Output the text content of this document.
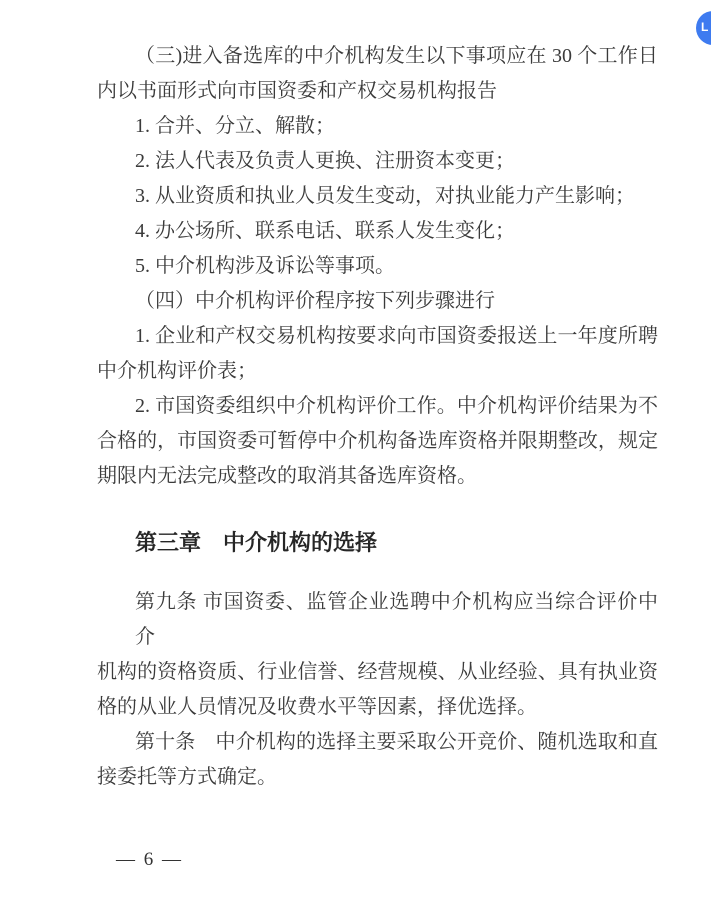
（三)进入备选库的中介机构发生以下事项应在 30 个工作日
内以书面形式向市国资委和产权交易机构报告
1. 合并、分立、解散；
2. 法人代表及负责人更换、注册资本变更；
3. 从业资质和执业人员发生变动，对执业能力产生影响；
4. 办公场所、联系电话、联系人发生变化；
5. 中介机构涉及诉讼等事项。
（四）中介机构评价程序按下列步骤进行
1. 企业和产权交易机构按要求向市国资委报送上一年度所聘
中介机构评价表；
2. 市国资委组织中介机构评价工作。中介机构评价结果为不
合格的，市国资委可暂停中介机构备选库资格并限期整改，规定
期限内无法完成整改的取消其备选库资格。
第三章　中介机构的选择
第九条 市国资委、监管企业选聘中介机构应当综合评价中介
机构的资格资质、行业信誉、经营规模、从业经验、具有执业资
格的从业人员情况及收费水平等因素，择优选择。
第十条　中介机构的选择主要采取公开竞价、随机选取和直
接委托等方式确定。
— 6 —
L
